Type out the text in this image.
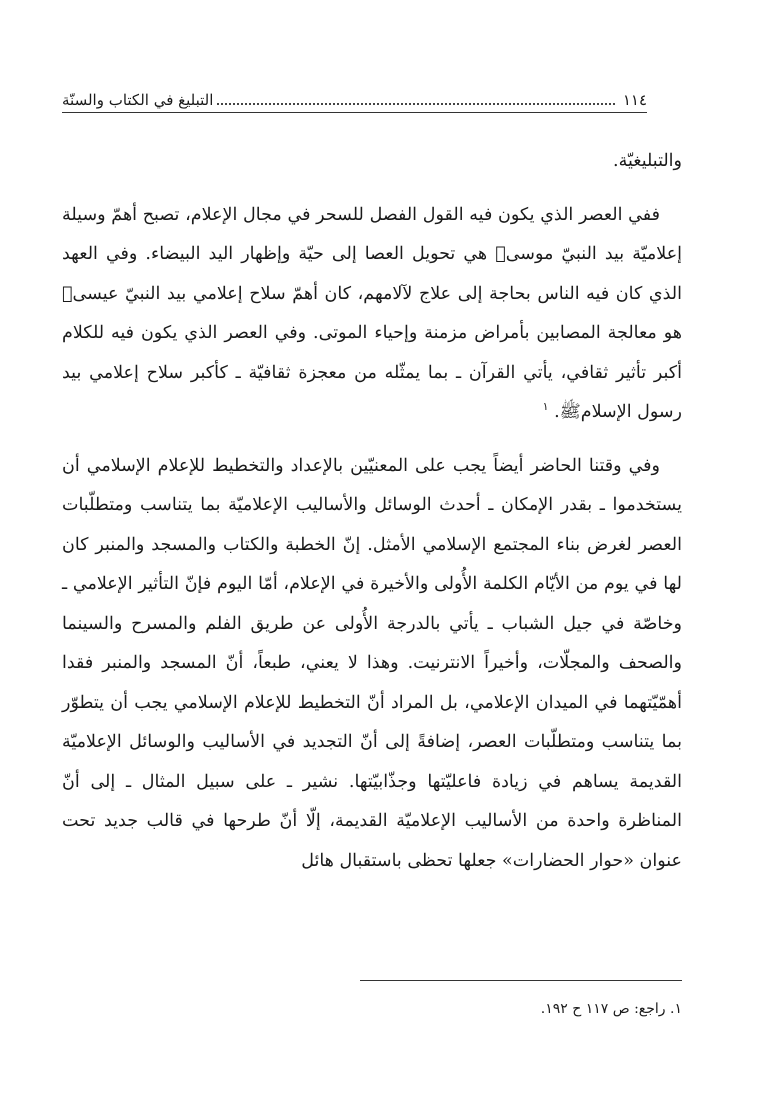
١١٤
التبليغ في الكتاب والسنّة

والتبليغيّة.

ففي العصر الذي يكون فيه القول الفصل للسحر في مجال الإعلام، تصبح أهمّ وسيلة إعلاميّة بيد النبيّ موسى﷣ هي تحويل العصا إلى حيّة وإظهار اليد البيضاء. وفي العهد الذي كان فيه الناس بحاجة إلى علاج لآلامهم، كان أهمّ سلاح إعلامي بيد النبيّ عيسى﷣ هو معالجة المصابين بأمراض مزمنة وإحياء الموتى. وفي العصر الذي يكون فيه للكلام أكبر تأثير ثقافي، يأتي القرآن ـ بما يمثّله من معجزة ثقافيّة ـ كأكبر سلاح إعلامي بيد رسول الإسلامﷺ. $^١$

وفي وقتنا الحاضر أيضاً يجب على المعنيّين بالإعداد والتخطيط للإعلام الإسلامي أن يستخدموا ـ بقدر الإمكان ـ أحدث الوسائل والأساليب الإعلاميّة بما يتناسب ومتطلّبات العصر لغرض بناء المجتمع الإسلامي الأمثل. إنّ الخطبة والكتاب والمسجد والمنبر كان لها في يوم من الأيّام الكلمة الأُولى والأخيرة في الإعلام، أمّا اليوم فإنّ التأثير الإعلامي ـ وخاصّة في جيل الشباب ـ يأتي بالدرجة الأُولى عن طريق الفلم والمسرح والسينما والصحف والمجلّات، وأخيراً الانترنيت. وهذا لا يعني، طبعاً، أنّ المسجد والمنبر فقدا أهمّيّتهما في الميدان الإعلامي، بل المراد أنّ التخطيط للإعلام الإسلامي يجب أن يتطوّر بما يتناسب ومتطلّبات العصر، إضافةً إلى أنّ التجديد في الأساليب والوسائل الإعلاميّة القديمة يساهم في زيادة فاعليّتها وجذّابيّتها. نشير ـ على سبيل المثال ـ إلى أنّ المناظرة واحدة من الأساليب الإعلاميّة القديمة، إلّا أنّ طرحها في قالب جديد تحت عنوان «حوار الحضارات» جعلها تحظى باستقبال هائل

١. راجع: ص ١١٧ ح ١٩٢.
